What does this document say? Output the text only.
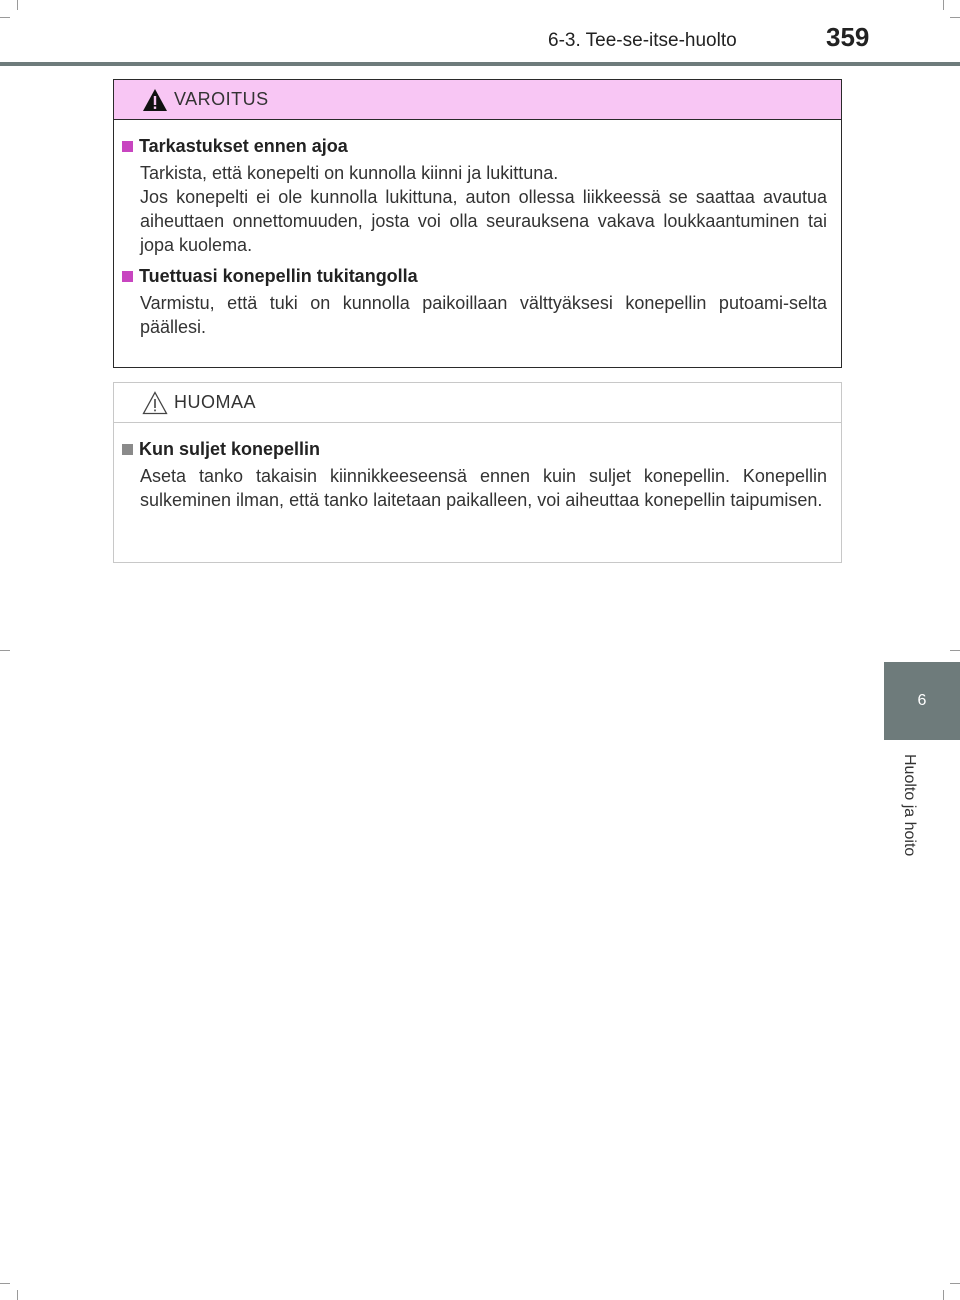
6-3. Tee-se-itse-huolto	359
6
Huolto ja hoito
VAROITUS
Tarkastukset ennen ajoa

Tarkista, että konepelti on kunnolla kiinni ja lukittuna.

Jos konepelti ei ole kunnolla lukittuna, auton ollessa liikkeessä se saattaa avautua aiheuttaen onnettomuuden, josta voi olla seurauksena vakava loukkaantuminen tai jopa kuolema.

Tuettuasi konepellin tukitangolla

Varmistu, että tuki on kunnolla paikoillaan välttyäksesi konepellin putoami-selta päällesi.

HUOMAA
Kun suljet konepellin

Aseta tanko takaisin kiinnikkeeseensä ennen kuin suljet konepellin. Konepellin sulkeminen ilman, että tanko laitetaan paikalleen, voi aiheuttaa konepellin taipumisen.
